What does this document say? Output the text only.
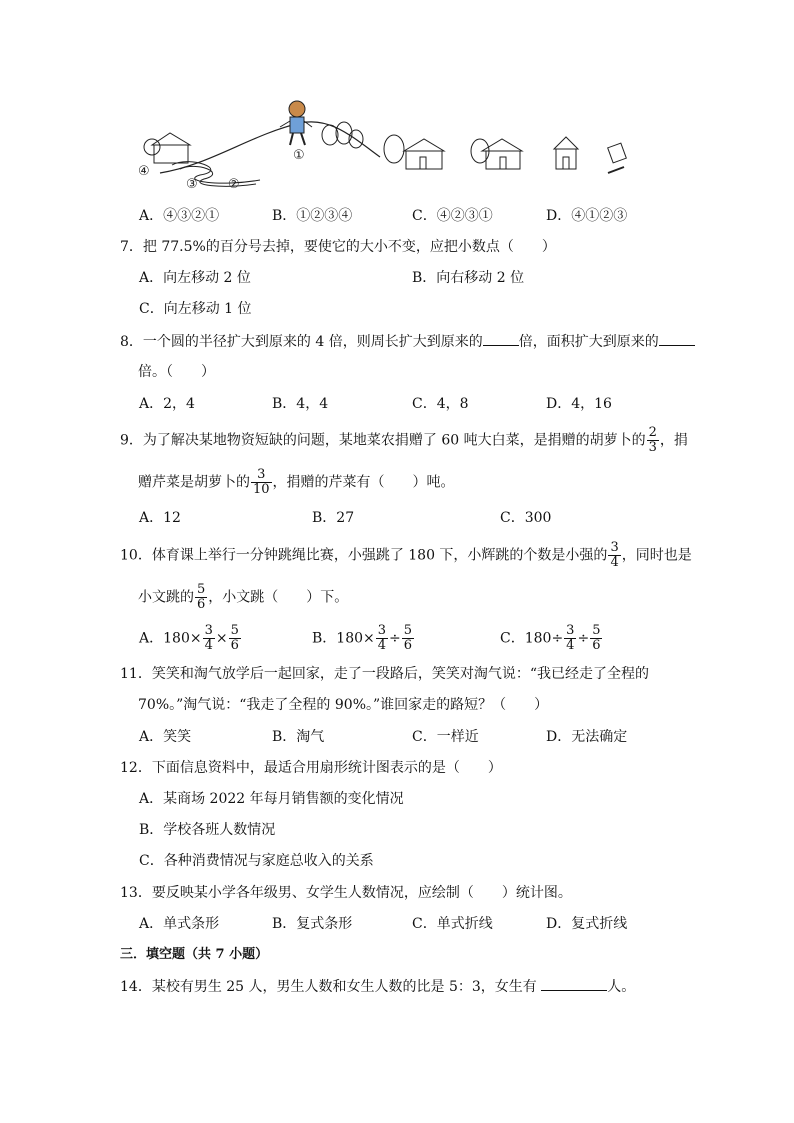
④
③ ②
①
A．④③②①	B．①②③④	C．④②③①	D．④①②③
7．把 77.5%的百分号去掉，要使它的大小不变，应把小数点（　　）
A．向左移动 2 位	B．向右移动 2 位
C．向左移动 1 位
8．一个圆的半径扩大到原来的 4 倍，则周长扩大到原来的	倍，面积扩大到原来的
倍。（　　）
A．2，4	B．4，4	C．4，8	D．4，16
9．为了解决某地物资短缺的问题，某地菜农捐赠了 60 吨大白菜，是捐赠的胡萝卜的 $\frac{2}{3}$ ，捐
赠芹菜是胡萝卜的 $\frac{3}{10}$ ，捐赠的芹菜有（　　）吨。
A．12	B．27	C．300
10．体育课上举行一分钟跳绳比赛，小强跳了 180 下，小辉跳的个数是小强的 $\frac{3}{4}$ ，同时也是
小文跳的 $\frac{5}{6}$ ，小文跳（　　）下。
A．$180\times \frac{3}{4} \times \frac{5}{6}$	B．$180\times \frac{3}{4} \div \frac{5}{6}$	C．$180\div \frac{3}{4} \div \frac{5}{6}$
11．笑笑和淘气放学后一起回家，走了一段路后，笑笑对淘气说：“我已经走了全程的
70%。”淘气说：“我走了全程的 90%。”谁回家走的路短？（　　）
A．笑笑	B．淘气	C．一样近	D．无法确定
12．下面信息资料中，最适合用扇形统计图表示的是（　　）
A．某商场 2022 年每月销售额的变化情况
B．学校各班人数情况
C．各种消费情况与家庭总收入的关系
13．要反映某小学各年级男、女学生人数情况，应绘制（　　）统计图。
A．单式条形	B．复式条形	C．单式折线	D．复式折线
三．填空题（共 7 小题）
14．某校有男生 25 人，男生人数和女生人数的比是 5：3，女生有	人。
